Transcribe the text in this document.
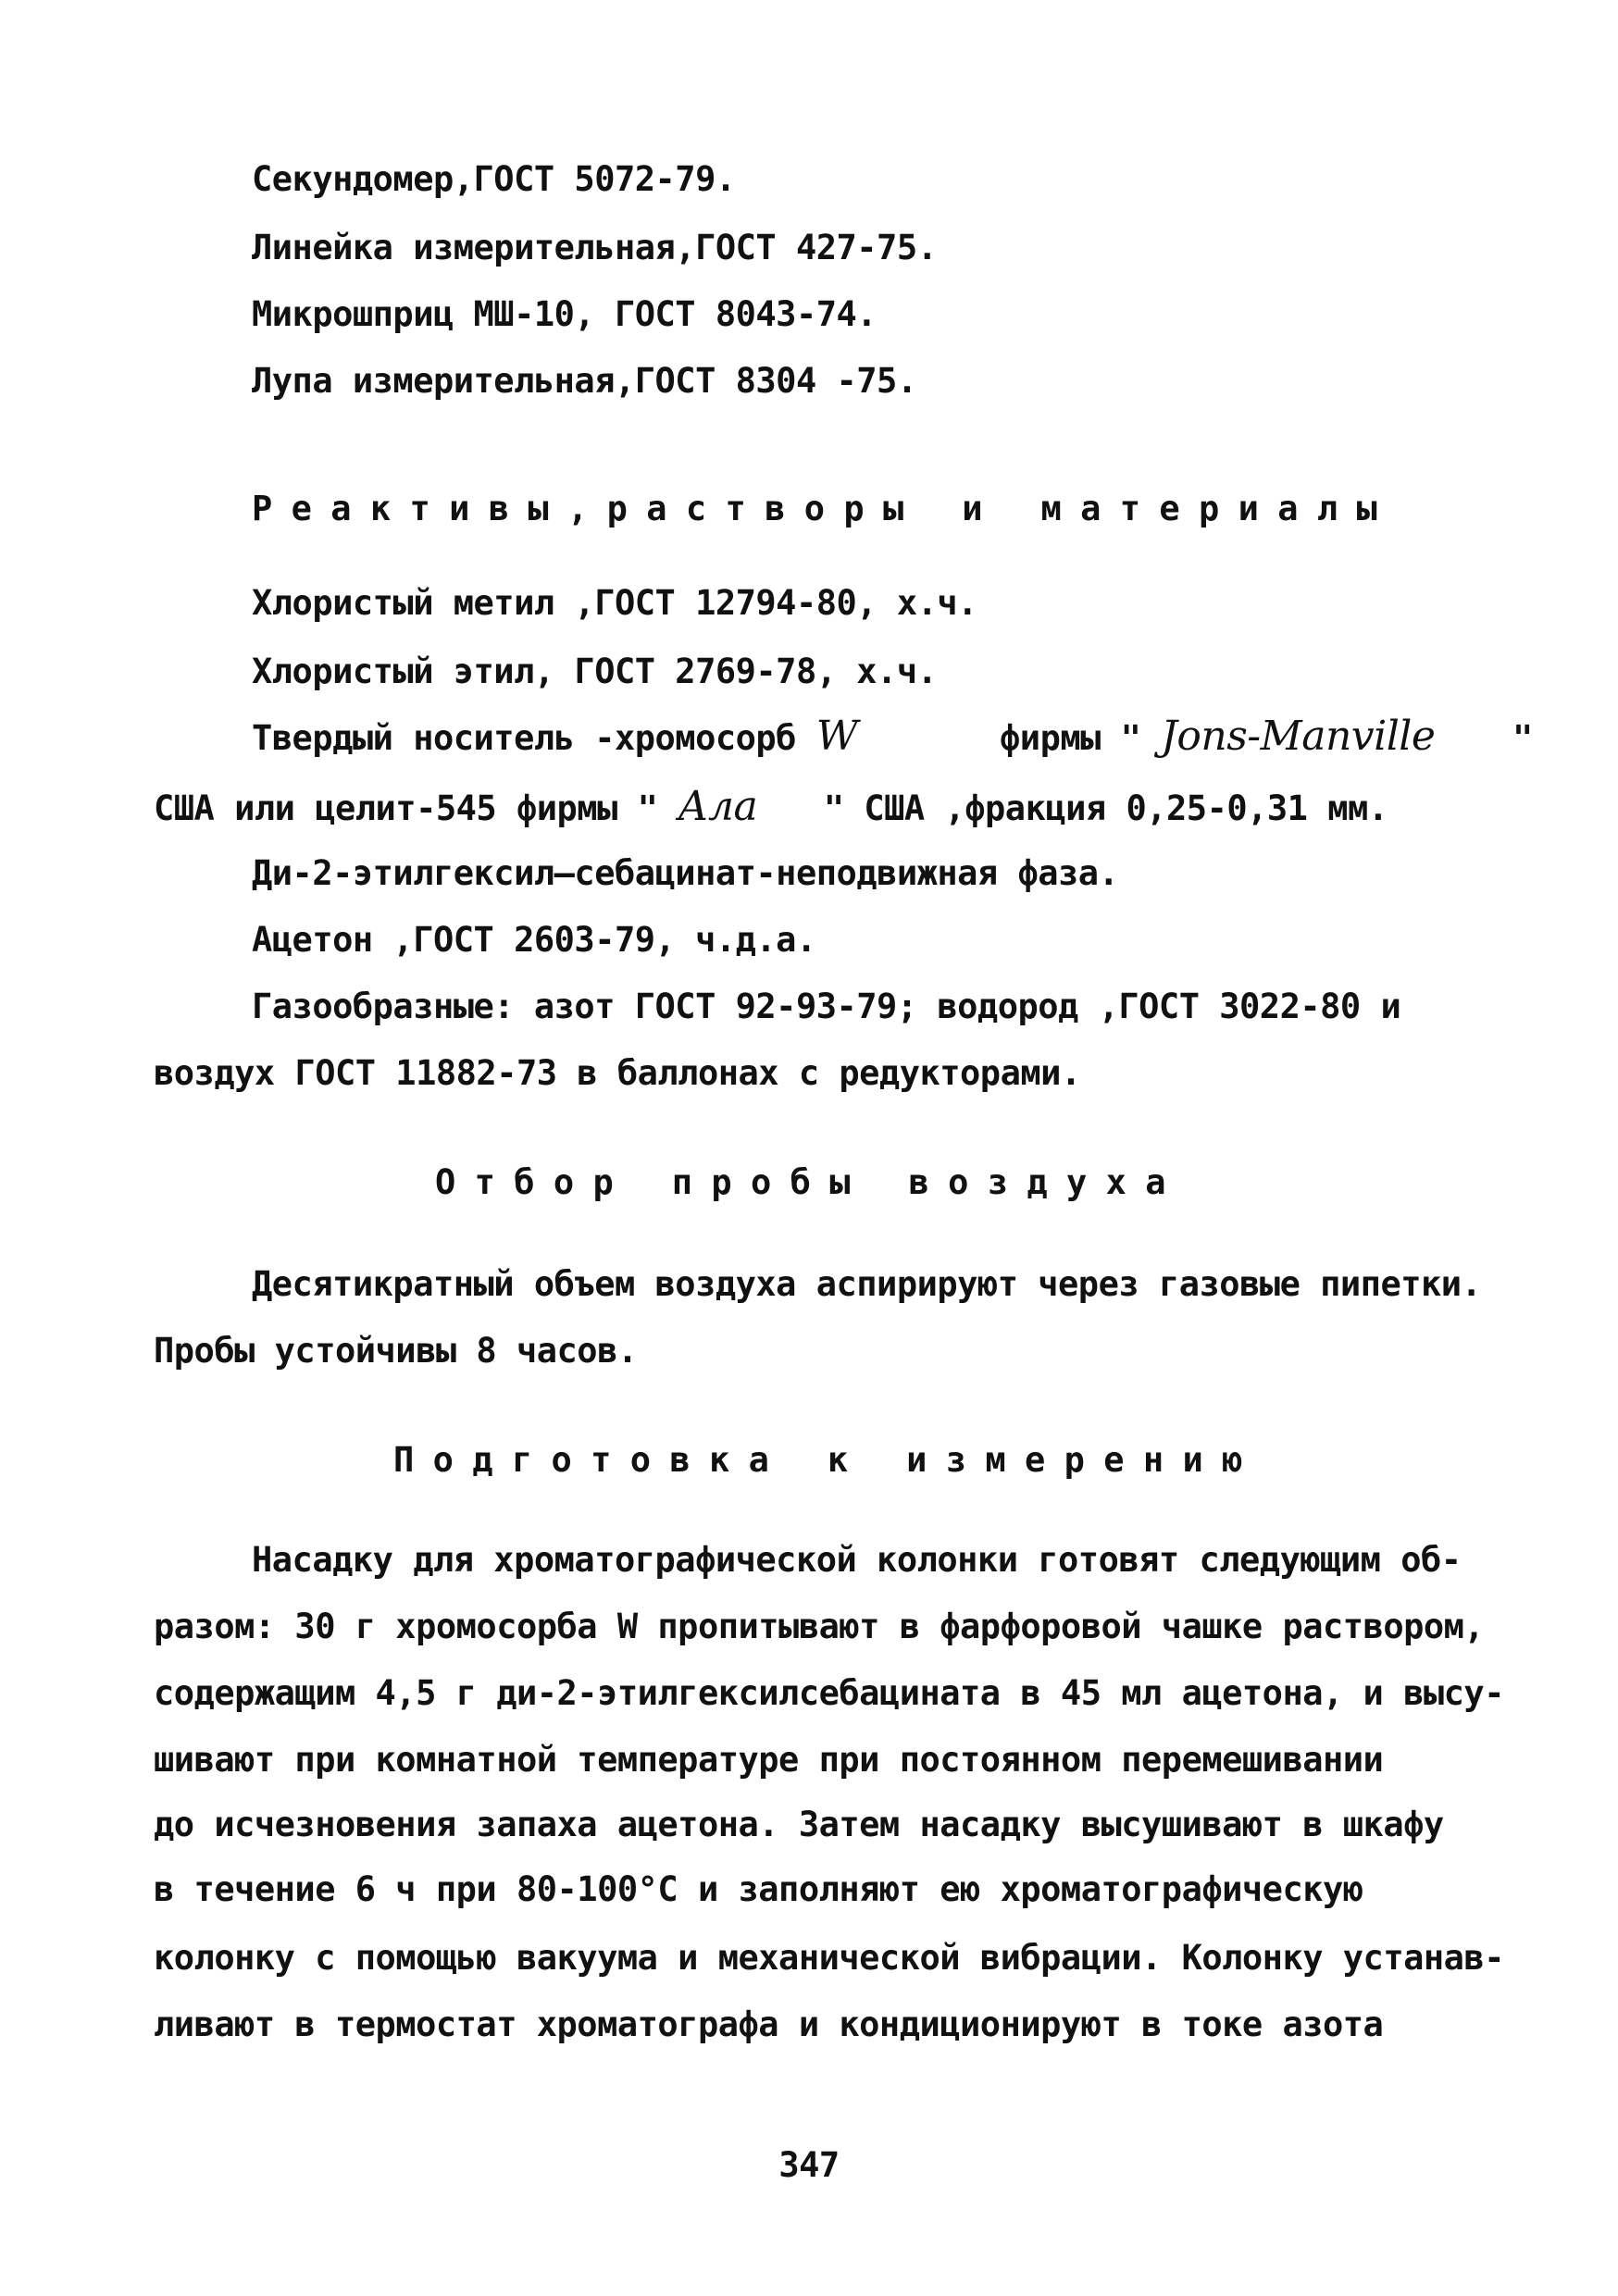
Секундомер,ГОСТ 5072-79.
Линейка измерительная,ГОСТ 427-75.
Микрошприц МШ-10, ГОСТ 8043-74.
Лупа измерительная,ГОСТ 8304 -75.
Реактивы,растворы и материалы
Хлористый метил ,ГОСТ 12794-80, х.ч.
Хлористый этил, ГОСТ 2769-78, х.ч.
Твердый носитель -хромосорб W	фирмы " Jons-Manville "
США или целит-545 фирмы " Ала " США ,фракция 0,25-0,31 мм.
Ди-2-этилгексил—себацинат-неподвижная фаза.
Ацетон ,ГОСТ 2603-79, ч.д.а.
Газообразные: азот ГОСТ 92-93-79; водород ,ГОСТ 3022-80 и
воздух ГОСТ 11882-73 в баллонах с редукторами.
Отбор пробы воздуха
Десятикратный объем воздуха аспирируют через газовые пипетки.
Пробы устойчивы 8 часов.
Подготовка к измерению
Насадку для хроматографической колонки готовят следующим об-
разом: 30 г хромосорба W пропитывают в фарфоровой чашке раствором,
содержащим 4,5 г ди-2-этилгексилсебацината в 45 мл ацетона, и высу-
шивают при комнатной температуре при постоянном перемешивании
до исчезновения запаха ацетона. Затем насадку высушивают в шкафу
в течение 6 ч при 80-100°С и заполняют ею хроматографическую
колонку с помощью вакуума и механической вибрации. Колонку устанав-
ливают в термостат хроматографа и кондиционируют в токе азота
347
